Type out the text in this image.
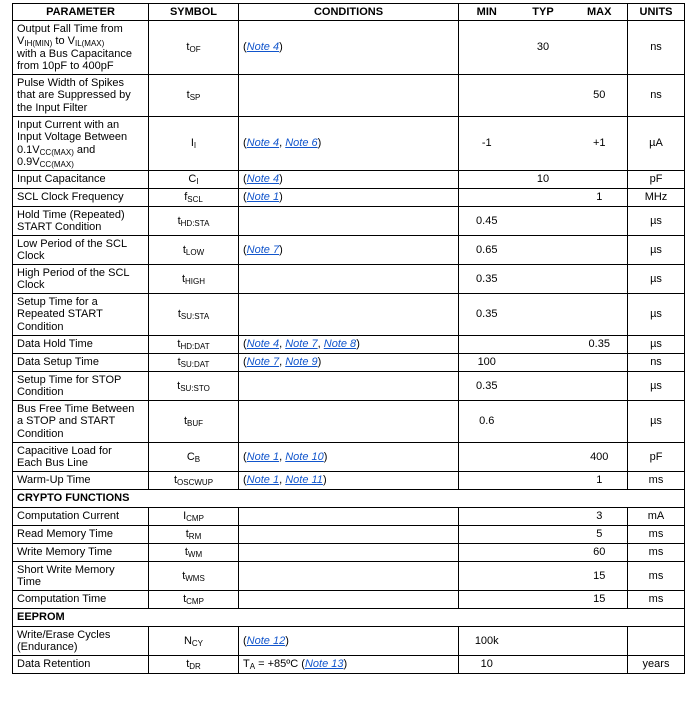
PARAMETER	SYMBOL	CONDITIONS	MIN	TYP	MAX	UNITS

Output Fall Time from
$V_{IH(MIN)}$ to $V_{IL(MAX)}$
with a Bus Capacitance
from 10pF to 400pF	$t_{OF}$	(Note 4)		30		ns

Pulse Width of Spikes
that are Suppressed by
the Input Filter	$t_{SP}$				50	ns

Input Current with an
Input Voltage Between
$0.1V_{CC(MAX)}$ and
$0.9V_{CC(MAX)}$	$I_I$	(Note 4, Note 6)	-1		+1	µA

Input Capacitance	$C_I$	(Note 4)		10		pF

SCL Clock Frequency	$f_{SCL}$	(Note 1)			1	MHz

Hold Time (Repeated)
START Condition	$t_{HD:STA}$		0.45			µs

Low Period of the SCL
Clock	$t_{LOW}$	(Note 7)	0.65			µs

High Period of the SCL
Clock	$t_{HIGH}$		0.35			µs

Setup Time for a
Repeated START
Condition	$t_{SU:STA}$		0.35			µs

Data Hold Time	$t_{HD:DAT}$	(Note 4, Note 7, Note 8)			0.35	µs

Data Setup Time	$t_{SU:DAT}$	(Note 7, Note 9)	100			ns

Setup Time for STOP
Condition	$t_{SU:STO}$		0.35			µs

Bus Free Time Between
a STOP and START
Condition	$t_{BUF}$		0.6			µs

Capacitive Load for
Each Bus Line	$C_B$	(Note 1, Note 10)			400	pF

Warm-Up Time	$t_{OSCWUP}$	(Note 1, Note 11)			1	ms
CRYPTO FUNCTIONS						

Computation Current	$I_{CMP}$				3	mA

Read Memory Time	$t_{RM}$				5	ms

Write Memory Time	$t_{WM}$				60	ms

Short Write Memory
Time	$t_{WMS}$				15	ms

Computation Time	$t_{CMP}$				15	ms
EEPROM						

Write/Erase Cycles
(Endurance)	$N_{CY}$	(Note 12)	100k			

Data Retention	$t_{DR}$	$T_A$ = +85ºC (Note 13)	10			years
